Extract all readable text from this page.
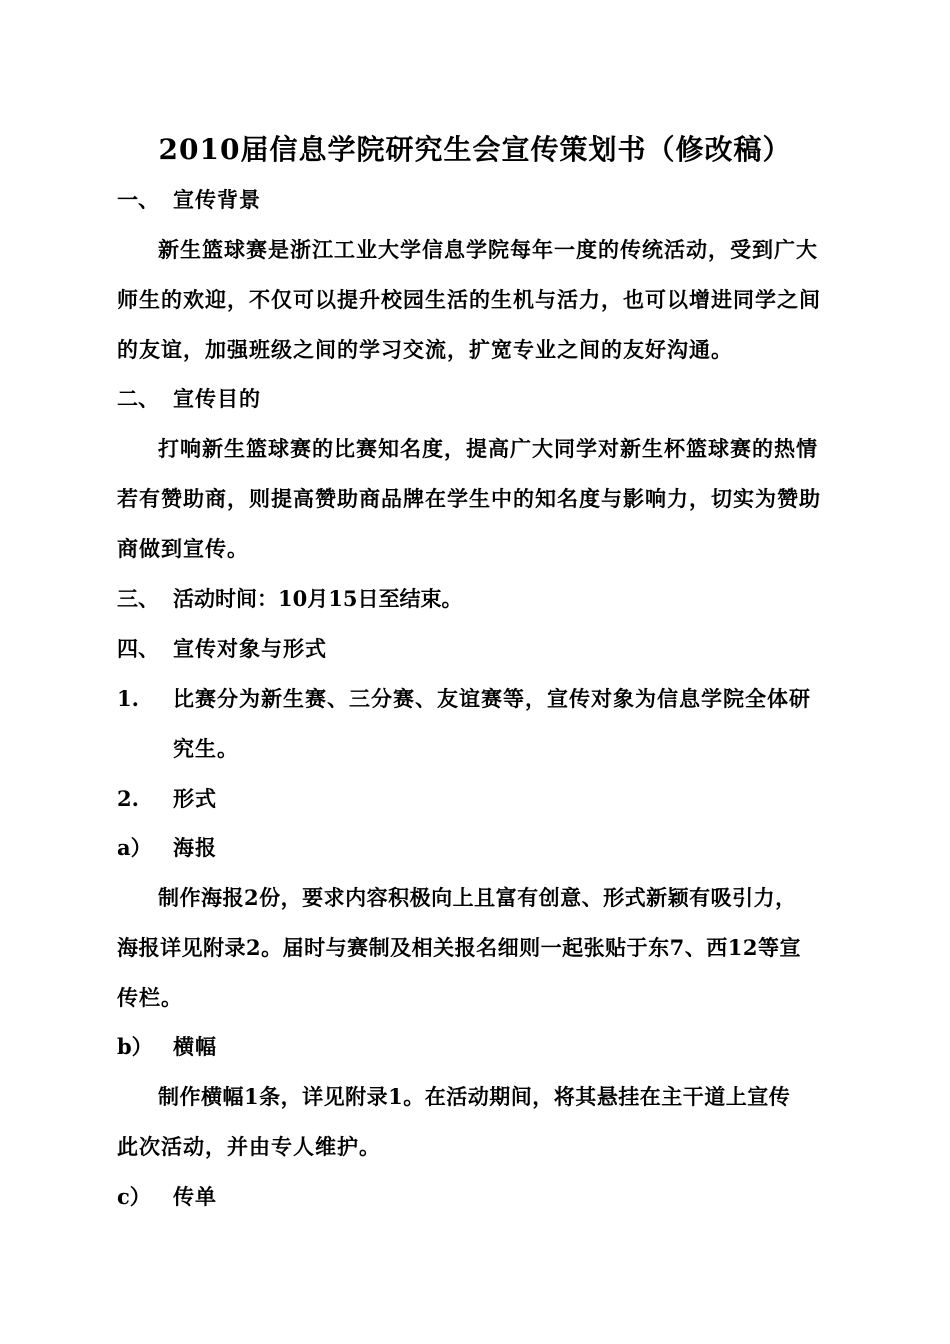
2010届信息学院研究生会宣传策划书（修改稿）
一、 宣传背景
新生篮球赛是浙江工业大学信息学院每年一度的传统活动，受到广大
师生的欢迎，不仅可以提升校园生活的生机与活力，也可以增进同学之间
的友谊，加强班级之间的学习交流，扩宽专业之间的友好沟通。
二、 宣传目的
打响新生篮球赛的比赛知名度，提高广大同学对新生杯篮球赛的热情
若有赞助商，则提高赞助商品牌在学生中的知名度与影响力，切实为赞助
商做到宣传。
三、 活动时间：10月15日至结束。
四、 宣传对象与形式
1. 比赛分为新生赛、三分赛、友谊赛等，宣传对象为信息学院全体研
究生。
2. 形式
a） 海报
制作海报2份，要求内容积极向上且富有创意、形式新颖有吸引力，
海报详见附录2。届时与赛制及相关报名细则一起张贴于东7、西12等宣
传栏。
b） 横幅
制作横幅1条，详见附录1。在活动期间，将其悬挂在主干道上宣传
此次活动，并由专人维护。
c） 传单
